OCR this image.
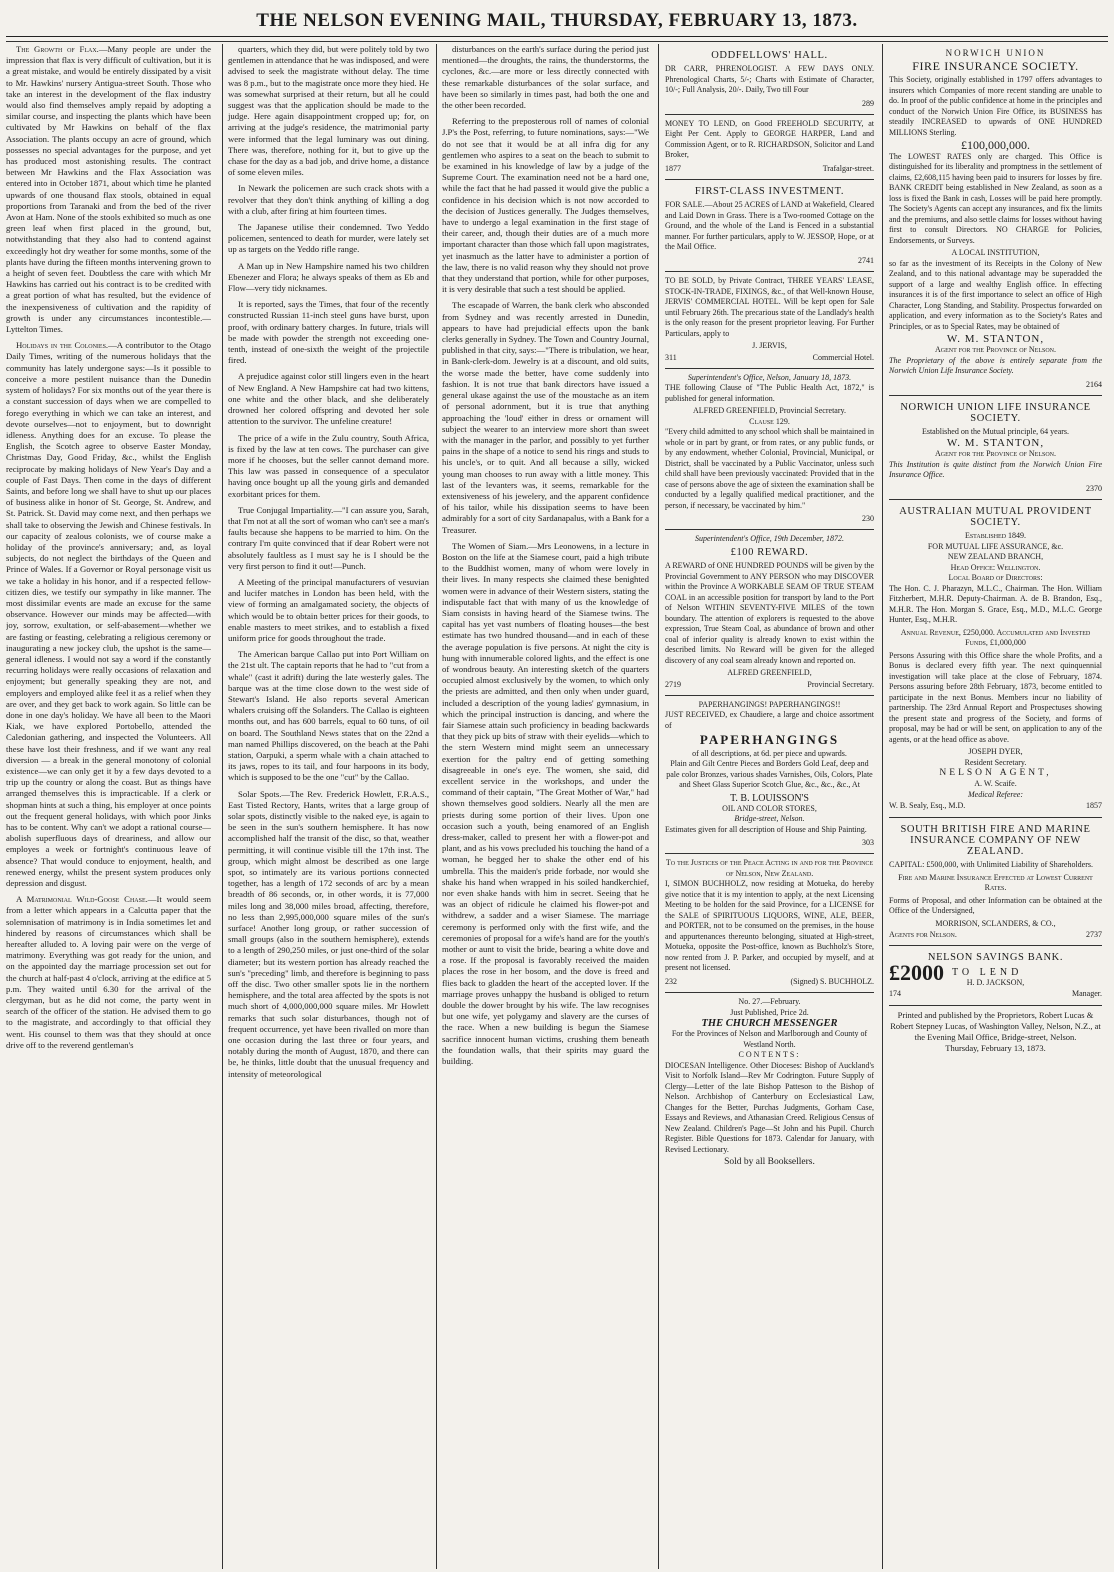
THE NELSON EVENING MAIL, THURSDAY, FEBRUARY 13, 1873.

The Growth of Flax.—Many people are under the impression that flax is very difficult of cultivation, but it is a great mistake, and would be entirely dissipated by a visit to Mr. Hawkins' nursery Antigua-street South. Those who take an interest in the development of the flax industry would also find themselves amply repaid by adopting a similar course, and inspecting the plants which have been cultivated by Mr Hawkins on behalf of the flax Association. The plants occupy an acre of ground, which possesses no special advantages for the purpose, and yet has produced most astonishing results. The contract between Mr Hawkins and the Flax Association was entered into in October 1871, about which time he planted upwards of one thousand flax stools, obtained in equal proportions from Taranaki and from the bed of the river Avon at Ham. None of the stools exhibited so much as one green leaf when first placed in the ground, but, notwithstanding that they also had to contend against exceedingly hot dry weather for some months, some of the plants have during the fifteen months intervening grown to a height of seven feet. Doubtless the care with which Mr Hawkins has carried out his contract is to be credited with a great portion of what has resulted, but the evidence of the inexpensiveness of cultivation and the rapidity of growth is under any circumstances incontestible.—Lyttelton Times.

Holidays in the Colonies.—A contributor to the Otago Daily Times, writing of the numerous holidays that the community has lately undergone says:—Is it possible to conceive a more pestilent nuisance than the Dunedin system of holidays? For six months out of the year there is a constant succession of days when we are compelled to forego everything in which we can take an interest, and devote ourselves—not to enjoyment, but to downright idleness. Anything does for an excuse. To please the English, the Scotch agree to observe Easter Monday, Christmas Day, Good Friday, &c., whilst the English reciprocate by making holidays of New Year's Day and a couple of Fast Days. Then come in the days of different Saints, and before long we shall have to shut up our places of business alike in honor of St. George, St. Andrew, and St. Patrick. St. David may come next, and then perhaps we shall take to observing the Jewish and Chinese festivals. In our capacity of zealous colonists, we of course make a holiday of the province's anniversary; and, as loyal subjects, do not neglect the birthdays of the Queen and Prince of Wales. If a Governor or Royal personage visit us we take a holiday in his honor, and if a respected fellow-citizen dies, we testify our sympathy in like manner. The most dissimilar events are made an excuse for the same observance. However our minds may be affected—with joy, sorrow, exultation, or self-abasement—whether we are fasting or feasting, celebrating a religious ceremony or inaugurating a new jockey club, the upshot is the same—general idleness. I would not say a word if the constantly recurring holidays were really occasions of relaxation and enjoyment; but generally speaking they are not, and employers and employed alike feel it as a relief when they are over, and they get back to work again. So little can be done in one day's holiday. We have all been to the Maori Kiak, we have explored Portobello, attended the Caledonian gathering, and inspected the Volunteers. All these have lost their freshness, and if we want any real diversion — a break in the general monotony of colonial existence—we can only get it by a few days devoted to a trip up the country or along the coast. But as things have arranged themselves this is impracticable. If a clerk or shopman hints at such a thing, his employer at once points out the frequent general holidays, with which poor Jinks has to be content. Why can't we adopt a rational course—abolish superfluous days of dreariness, and allow our employes a week or fortnight's continuous leave of absence? That would conduce to enjoyment, health, and renewed energy, whilst the present system produces only depression and disgust.

A Matrimonial Wild-Goose Chase.—It would seem from a letter which appears in a Calcutta paper that the solemnisation of matrimony is in India sometimes let and hindered by reasons of circumstances which shall be hereafter alluded to. A loving pair were on the verge of matrimony. Everything was got ready for the union, and on the appointed day the marriage procession set out for the church at half-past 4 o'clock, arriving at the edifice at 5 p.m. They waited until 6.30 for the arrival of the clergyman, but as he did not come, the party went in search of the officer of the station. He advised them to go to the magistrate, and accordingly to that official they went. His counsel to them was that they should at once drive off to the reverend gentleman's

quarters, which they did, but were politely told by two gentlemen in attendance that he was indisposed, and were advised to seek the magistrate without delay. The time was 8 p.m., but to the magistrate once more they hied. He was somewhat surprised at their return, but all he could suggest was that the application should be made to the judge. Here again disappointment cropped up; for, on arriving at the judge's residence, the matrimonial party were informed that the legal luminary was out dining. There was, therefore, nothing for it, but to give up the chase for the day as a bad job, and drive home, a distance of some eleven miles.

In Newark the policemen are such crack shots with a revolver that they don't think anything of killing a dog with a club, after firing at him fourteen times.

The Japanese utilise their condemned. Two Yeddo policemen, sentenced to death for murder, were lately set up as targets on the Yeddo rifle range.

A Man up in New Hampshire named his two children Ebenezer and Flora; he always speaks of them as Eb and Flow—very tidy nicknames.

It is reported, says the Times, that four of the recently constructed Russian 11-inch steel guns have burst, upon proof, with ordinary battery charges. In future, trials will be made with powder the strength not exceeding one-tenth, instead of one-sixth the weight of the projectile fired.

A prejudice against color still lingers even in the heart of New England. A New Hampshire cat had two kittens, one white and the other black, and she deliberately drowned her colored offspring and devoted her sole attention to the survivor. The unfeline creature!

The price of a wife in the Zulu country, South Africa, is fixed by the law at ten cows. The purchaser can give more if he chooses, but the seller cannot demand more. This law was passed in consequence of a speculator having once bought up all the young girls and demanded exorbitant prices for them.

True Conjugal Impartiality.—"I can assure you, Sarah, that I'm not at all the sort of woman who can't see a man's faults because she happens to be married to him. On the contrary I'm quite convinced that if dear Robert were not absolutely faultless as I must say he is I should be the very first person to find it out!—Punch.

A Meeting of the principal manufacturers of vesuvian and lucifer matches in London has been held, with the view of forming an amalgamated society, the objects of which would be to obtain better prices for their goods, to enable masters to meet strikes, and to establish a fixed uniform price for goods throughout the trade.

The American barque Callao put into Port William on the 21st ult. The captain reports that he had to "cut from a whale" (cast it adrift) during the late westerly gales. The barque was at the time close down to the west side of Stewart's Island. He also reports several American whalers cruising off the Solanders. The Callao is eighteen months out, and has 600 barrels, equal to 60 tuns, of oil on board. The Southland News states that on the 22nd a man named Phillips discovered, on the beach at the Pahi station, Oarpuki, a sperm whale with a chain attached to its jaws, ropes to its tail, and four harpoons in its body, which is supposed to be the one "cut" by the Callao.

Solar Spots.—The Rev. Frederick Howlett, F.R.A.S., East Tisted Rectory, Hants, writes that a large group of solar spots, distinctly visible to the naked eye, is again to be seen in the sun's southern hemisphere. It has now accomplished half the transit of the disc, so that, weather permitting, it will continue visible till the 17th inst. The group, which might almost be described as one large spot, so intimately are its various portions connected together, has a length of 172 seconds of arc by a mean breadth of 86 seconds, or, in other words, it is 77,000 miles long and 38,000 miles broad, affecting, therefore, no less than 2,995,000,000 square miles of the sun's surface! Another long group, or rather succession of small groups (also in the southern hemisphere), extends to a length of 290,250 miles, or just one-third of the solar diameter; but its western portion has already reached the sun's "preceding" limb, and therefore is beginning to pass off the disc. Two other smaller spots lie in the northern hemisphere, and the total area affected by the spots is not much short of 4,000,000,000 square miles. Mr Howlett remarks that such solar disturbances, though not of frequent occurrence, yet have been rivalled on more than one occasion during the last three or four years, and notably during the month of August, 1870, and there can be, he thinks, little doubt that the unusual frequency and intensity of meteorological

disturbances on the earth's surface during the period just mentioned—the droughts, the rains, the thunderstorms, the cyclones, &c.—are more or less directly connected with these remarkable disturbances of the solar surface, and have been so similarly in times past, had both the one and the other been recorded.

Referring to the preposterous roll of names of colonial J.P's the Post, referring, to future nominations, says:—"We do not see that it would be at all infra dig for any gentlemen who aspires to a seat on the beach to submit to be examined in his knowledge of law by a judge of the Supreme Court. The examination need not be a hard one, while the fact that he had passed it would give the public a confidence in his decision which is not now accorded to the decision of Justices generally. The Judges themselves, have to undergo a legal examination in the first stage of their career, and, though their duties are of a much more important character than those which fall upon magistrates, yet inasmuch as the latter have to administer a portion of the law, there is no valid reason why they should not prove that they understand that portion, while for other purposes, it is very desirable that such a test should be applied.

The escapade of Warren, the bank clerk who absconded from Sydney and was recently arrested in Dunedin, appears to have had prejudicial effects upon the bank clerks generally in Sydney. The Town and Country Journal, published in that city, says:—"There is tribulation, we hear, in Bank-clerk-dom. Jewelry is at a discount, and old suits, the worse made the better, have come suddenly into fashion. It is not true that bank directors have issued a general ukase against the use of the moustache as an item of personal adornment, but it is true that anything approaching the 'loud' either in dress or ornament will subject the wearer to an interview more short than sweet with the manager in the parlor, and possibly to yet further pains in the shape of a notice to send his rings and studs to his uncle's, or to quit. And all because a silly, wicked young man chooses to run away with a little money. This last of the levanters was, it seems, remarkable for the extensiveness of his jewelery, and the apparent confidence of his tailor, while his dissipation seems to have been admirably for a sort of city Sardanapalus, with a Bank for a Treasurer.

The Women of Siam.—Mrs Leonowens, in a lecture in Boston on the life at the Siamese court, paid a high tribute to the Buddhist women, many of whom were lovely in their lives. In many respects she claimed these benighted women were in advance of their Western sisters, stating the indisputable fact that with many of us the knowledge of Siam consists in having heard of the Siamese twins. The capital has yet vast numbers of floating houses—the best estimate has two hundred thousand—and in each of these the average population is five persons. At night the city is hung with innumerable colored lights, and the effect is one of wondrous beauty. An interesting sketch of the quarters occupied almost exclusively by the women, to which only the priests are admitted, and then only when under guard, included a description of the young ladies' gymnasium, in which the principal instruction is dancing, and where the fair Siamese attain such proficiency in beading backwards that they pick up bits of straw with their eyelids—which to the stern Western mind might seem an unnecessary exertion for the paltry end of getting something disagreeable in one's eye. The women, she said, did excellent service in the workshops, and under the command of their captain, "The Great Mother of War," had shown themselves good soldiers. Nearly all the men are priests during some portion of their lives. Upon one occasion such a youth, being enamored of an English dress-maker, called to present her with a flower-pot and plant, and as his vows precluded his touching the hand of a woman, he begged her to shake the other end of his umbrella. This the maiden's pride forbade, nor would she shake his hand when wrapped in his soiled handkerchief, nor even shake hands with him in secret. Seeing that he was an object of ridicule he claimed his flower-pot and withdrew, a sadder and a wiser Siamese. The marriage ceremony is performed only with the first wife, and the ceremonies of proposal for a wife's hand are for the youth's mother or aunt to visit the bride, bearing a white dove and a rose. If the proposal is favorably received the maiden places the rose in her bosom, and the dove is freed and flies back to gladden the heart of the accepted lover. If the marriage proves unhappy the husband is obliged to return double the dower brought by his wife. The law recognises but one wife, yet polygamy and slavery are the curses of the race. When a new building is begun the Siamese sacrifice innocent human victims, crushing them beneath the foundation walls, that their spirits may guard the building.

ODDFELLOWS' HALL.

DR CARR, PHRENOLOGIST. A FEW DAYS ONLY. Phrenological Charts, 5/-; Charts with Estimate of Character, 10/-; Full Analysis, 20/-. Daily, Two till Four

289

MONEY TO LEND, on Good FREEHOLD SECURITY, at Eight Per Cent. Apply to GEORGE HARPER, Land and Commission Agent, or to R. RICHARDSON, Solicitor and Land Broker,

1877	Trafalgar-street.
FIRST-CLASS INVESTMENT.

FOR SALE.—About 25 ACRES of LAND at Wakefield, Cleared and Laid Down in Grass. There is a Two-roomed Cottage on the Ground, and the whole of the Land is Fenced in a substantial manner. For further particulars, apply to W. JESSOP, Hope, or at the Mail Office.

2741

TO BE SOLD, by Private Contract, THREE YEARS' LEASE, STOCK-IN-TRADE, FIXINGS, &c., of that Well-known House, JERVIS' COMMERCIAL HOTEL. Will be kept open for Sale until February 26th. The precarious state of the Landlady's health is the only reason for the present proprietor leaving. For Further Particulars, apply to

J. JERVIS,
311	Commercial Hotel.
Superintendent's Office, Nelson, January 18, 1873.

THE following Clause of "The Public Health Act, 1872," is published for general information.

ALFRED GREENFIELD, Provincial Secretary.
Clause 129.

"Every child admitted to any school which shall be maintained in whole or in part by grant, or from rates, or any public funds, or by any endowment, whether Colonial, Provincial, Municipal, or District, shall be vaccinated by a Public Vaccinator, unless such child shall have been previously vaccinated: Provided that in the case of persons above the age of sixteen the examination shall be conducted by a legally qualified medical practitioner, and the person, if necessary, be vaccinated by him."

230
Superintendent's Office, 19th December, 1872.
£100 REWARD.

A REWARD of ONE HUNDRED POUNDS will be given by the Provincial Government to ANY PERSON who may DISCOVER within the Province A WORKABLE SEAM OF TRUE STEAM COAL in an accessible position for transport by land to the Port of Nelson WITHIN SEVENTY-FIVE MILES of the town boundary. The attention of explorers is requested to the above expression, True Steam Coal, as abundance of brown and other coal of inferior quality is already known to exist within the described limits. No Reward will be given for the alleged discovery of any coal seam already known and reported on.

ALFRED GREENFIELD,
2719	Provincial Secretary.
PAPERHANGINGS! PAPERHANGINGS!!

JUST RECEIVED, ex Chaudiere, a large and choice assortment of

PAPERHANGINGS
of all descriptions, at 6d. per piece and upwards.

Plain and Gilt Centre Pieces and Borders Gold Leaf, deep and pale color Bronzes, various shades Varnishes, Oils, Colors, Plate and Sheet Glass Superior Scotch Glue, &c., &c., &c., At

T. B. LOUISSON'S
OIL AND COLOR STORES,
Bridge-street, Nelson.

Estimates given for all description of House and Ship Painting.

303
To the Justices of the Peace Acting in and for the Province of Nelson, New Zealand.

I, SIMON BUCHHOLZ, now residing at Motueka, do hereby give notice that it is my intention to apply, at the next Licensing Meeting to be holden for the said Province, for a LICENSE for the SALE of SPIRITUOUS LIQUORS, WINE, ALE, BEER, and PORTER, not to be consumed on the premises, in the house and appurtenances thereunto belonging, situated at High-street, Motueka, opposite the Post-office, known as Buchholz's Store, now rented from J. P. Parker, and occupied by myself, and at present not licensed.

232	(Signed) S. BUCHHOLZ.
No. 27.—February.
Just Published, Price 2d.
THE CHURCH MESSENGER
For the Provinces of Nelson and Marlborough and County of Westland North.
CONTENTS:

DIOCESAN Intelligence. Other Dioceses: Bishop of Auckland's Visit to Norfolk Island—Rev Mr Codrington. Future Supply of Clergy—Letter of the late Bishop Patteson to the Bishop of Nelson. Archbishop of Canterbury on Ecclesiastical Law, Changes for the Better, Purchas Judgments, Gorham Case, Essays and Reviews, and Athanasian Creed. Religious Census of New Zealand. Children's Page—St John and his Pupil. Church Register. Bible Questions for 1873. Calendar for January, with Revised Lectionary.

Sold by all Booksellers.
NORWICH UNION
FIRE INSURANCE SOCIETY.

This Society, originally established in 1797 offers advantages to insurers which Companies of more recent standing are unable to do. In proof of the public confidence at home in the principles and conduct of the Norwich Union Fire Office, its BUSINESS has steadily INCREASED to upwards of ONE HUNDRED MILLIONS Sterling.

£100,000,000.

The LOWEST RATES only are charged. This Office is distinguished for its liberality and promptness in the settlement of claims, £2,608,115 having been paid to insurers for losses by fire. BANK CREDIT being established in New Zealand, as soon as a loss is fixed the Bank in cash, Losses will be paid here promptly. The Society's Agents can accept any insurances, and fix the limits and the premiums, and also settle claims for losses without having first to consult Directors. NO CHARGE for Policies, Endorsements, or Surveys.

A LOCAL INSTITUTION,

so far as the investment of its Receipts in the Colony of New Zealand, and to this national advantage may be superadded the support of a large and wealthy English office. In effecting insurances it is of the first importance to select an office of High Character, Long Standing, and Stability. Prospectus forwarded on application, and every information as to the Society's Rates and Principles, or as to Special Rates, may be obtained of

W. M. STANTON,
Agent for the Province of Nelson.

The Proprietary of the above is entirely separate from the Norwich Union Life Insurance Society.

2164
NORWICH UNION LIFE INSURANCE SOCIETY.
Established on the Mutual principle, 64 years.
W. M. STANTON,
Agent for the Province of Nelson.

This Institution is quite distinct from the Norwich Union Fire Insurance Office.

2370
AUSTRALIAN MUTUAL PROVIDENT SOCIETY.
Established 1849.
FOR MUTUAL LIFE ASSURANCE, &c.
NEW ZEALAND BRANCH,
Head Office: Wellington.
Local Board of Directors:

The Hon. C. J. Pharazyn, M.L.C., Chairman. The Hon. William Fitzherbert, M.H.R. Deputy-Chairman. A. de B. Brandon, Esq., M.H.R. The Hon. Morgan S. Grace, Esq., M.D., M.L.C. George Hunter, Esq., M.H.R.

Annual Revenue, £250,000. Accumulated and Invested Funds, £1,000,000

Persons Assuring with this Office share the whole Profits, and a Bonus is declared every fifth year. The next quinquennial investigation will take place at the close of February, 1874. Persons assuring before 28th February, 1873, become entitled to participate in the next Bonus. Members incur no liability of partnership. The 23rd Annual Report and Prospectuses showing the present state and progress of the Society, and forms of proposal, may be had or will be sent, on application to any of the agents, or at the head office as above.

JOSEPH DYER,
Resident Secretary.
NELSON AGENT,
A. W. Scaife.
Medical Referee:
W. B. Sealy, Esq., M.D.	1857
SOUTH BRITISH FIRE AND MARINE INSURANCE COMPANY OF NEW ZEALAND.

CAPITAL: £500,000, with Unlimited Liability of Shareholders.

Fire and Marine Insurance Effected at Lowest Current Rates.

Forms of Proposal, and other Information can be obtained at the Office of the Undersigned,

MORRISON, SCLANDERS, & CO.,
Agents for Nelson.	2737
NELSON SAVINGS BANK.
£2000 TO LEND
H. D. JACKSON,
174	Manager.
Printed and published by the Proprietors, Robert Lucas & Robert Stepney Lucas, of Washington Valley, Nelson, N.Z., at the Evening Mail Office, Bridge-street, Nelson.
Thursday, February 13, 1873.
